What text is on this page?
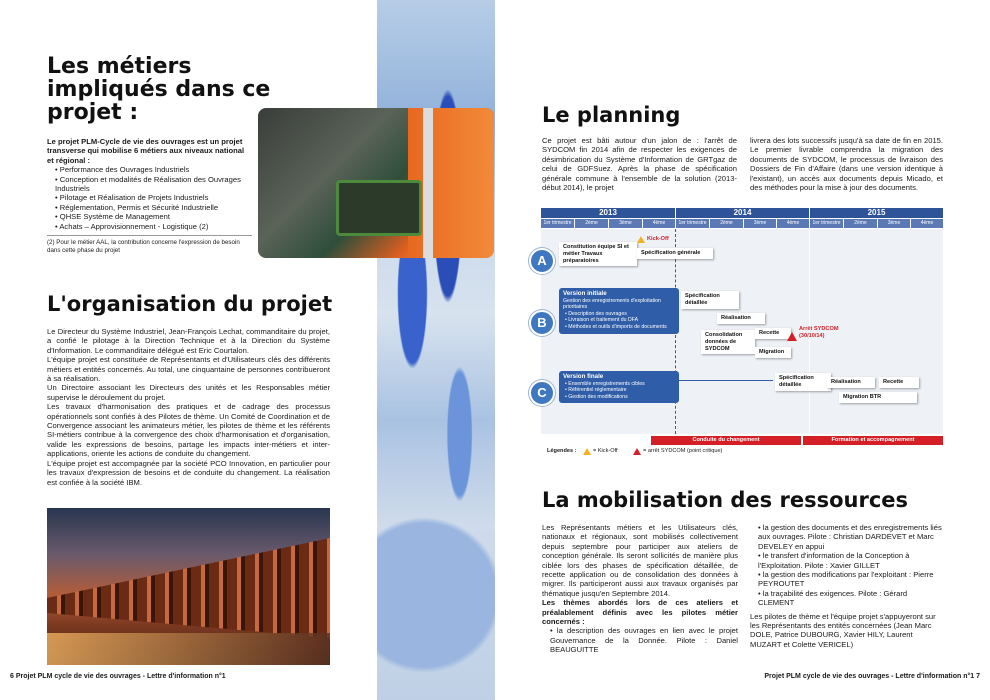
Les métiers impliqués dans ce projet :

Le projet PLM-Cycle de vie des ouvrages est un projet transverse qui mobilise 6 métiers aux niveaux national et régional :

• Performance des Ouvrages Industriels
• Conception et modalités de Réalisation des Ouvrages Industriels
• Pilotage et Réalisation de Projets Industriels
• Réglementation, Permis et Sécurité Industrielle
• QHSE Système de Management
• Achats – Approvisionnement - Logistique (2)
(2) Pour le métier AAL, la contribution concerne l'expression de besoin dans cette phase du projet
L'organisation du projet

Le Directeur du Système Industriel, Jean-François Lechat, commanditaire du projet, a confié le pilotage à la Direction Technique et à la Direction du Système d'Information. Le commanditaire délégué est Eric Courtalon.

L'équipe projet est constituée de Représentants et d'Utilisateurs clés des différents métiers et entités concernés. Au total, une cinquantaine de personnes contribueront à sa réalisation.

Un Directoire associant les Directeurs des unités et les Responsables métier supervise le déroulement du projet.

Les travaux d'harmonisation des pratiques et de cadrage des processus opérationnels sont confiés à des Pilotes de thème. Un Comité de Coordination et de Convergence associant les animateurs métier, les pilotes de thème et les référents SI-métiers contribue à la convergence des choix d'harmonisation et d'organisation, valide les expressions de besoins, partage les impacts inter-métiers et inter-applications, oriente les actions de conduite du changement.

L'équipe projet est accompagnée par la société PCO Innovation, en particulier pour les travaux d'expression de besoins et de conduite du changement. La réalisation est confiée à la société IBM.

6 Projet PLM cycle de vie des ouvrages - Lettre d'information n°1
Le planning
Ce projet est bâti autour d'un jalon de : l'arrêt de SYDCOM fin 2014 afin de respecter les exigences de désimbrication du Système d'Information de GRTgaz de celui de GDFSuez. Après la phase de spécification générale commune à l'ensemble de la solution (2013-début 2014), le projet
livrera des lots successifs jusqu'à sa date de fin en 2015. Le premier livrable comprendra la migration des documents de SYDCOM, le processus de livraison des Dossiers de Fin d'Affaire (dans une version identique à l'existant), un accès aux documents depuis Micado, et des méthodes pour la mise à jour des documents.
2013	2014	2015
1er trimestre	2ème	3ème	4ème	1er trimestre	2ème	3ème	4ème	1er trimestre	2ème	3ème	4ème
A
Constitution équipe SI et métier Travaux préparatoires
Kick-Off
Spécification générale
B
Version initiale
Gestion des enregistrements d'exploitation prioritaires
• Description des ouvrages
• Livraison et traitement du DFA
• Méthodes et outils d'imports de documents
Spécification détaillée
Réalisation
Consolidation données de SYDCOM
Recette
Migration
Arrêt SYDCOM (30/10/14)
C
Version finale
• Ensemble enregistrements cibles
• Référentiel réglementaire
• Gestion des modifications
Spécification détaillée	Réalisation	Recette
Migration BTR
Conduite du changement	Formation et accompagnement
Légendes :	= Kick-Off	= arrêt SYDCOM (point critique)
La mobilisation des ressources

Les Représentants métiers et les Utilisateurs clés, nationaux et régionaux, sont mobilisés collectivement depuis septembre pour participer aux ateliers de conception générale. Ils seront sollicités de manière plus ciblée lors des phases de spécification détaillée, de recette application ou de consolidation des données à migrer. Ils participeront aussi aux travaux organisés par thématique jusqu'en Septembre 2014.

Les thèmes abordés lors de ces ateliers et préalablement définis avec les pilotes métier concernés :

• la description des ouvrages en lien avec le projet Gouvernance de la Donnée. Pilote : Daniel BEAUGUITTE
• la gestion des documents et des enregistrements liés aux ouvrages. Pilote : Christian DARDEVET et Marc DEVELEY en appui
• le transfert d'information de la Conception à l'Exploitation. Pilote : Xavier GILLET
• la gestion des modifications par l'exploitant : Pierre PEYROUTET
• la traçabilité des exigences. Pilote : Gérard CLEMENT

Les pilotes de thème et l'équipe projet s'appuyeront sur les Représentants des entités concernées (Jean Marc DOLE, Patrice DUBOURG, Xavier HILY, Laurent MUZART et Colette VERICEL)

Projet PLM cycle de vie des ouvrages - Lettre d'information n°1 7
